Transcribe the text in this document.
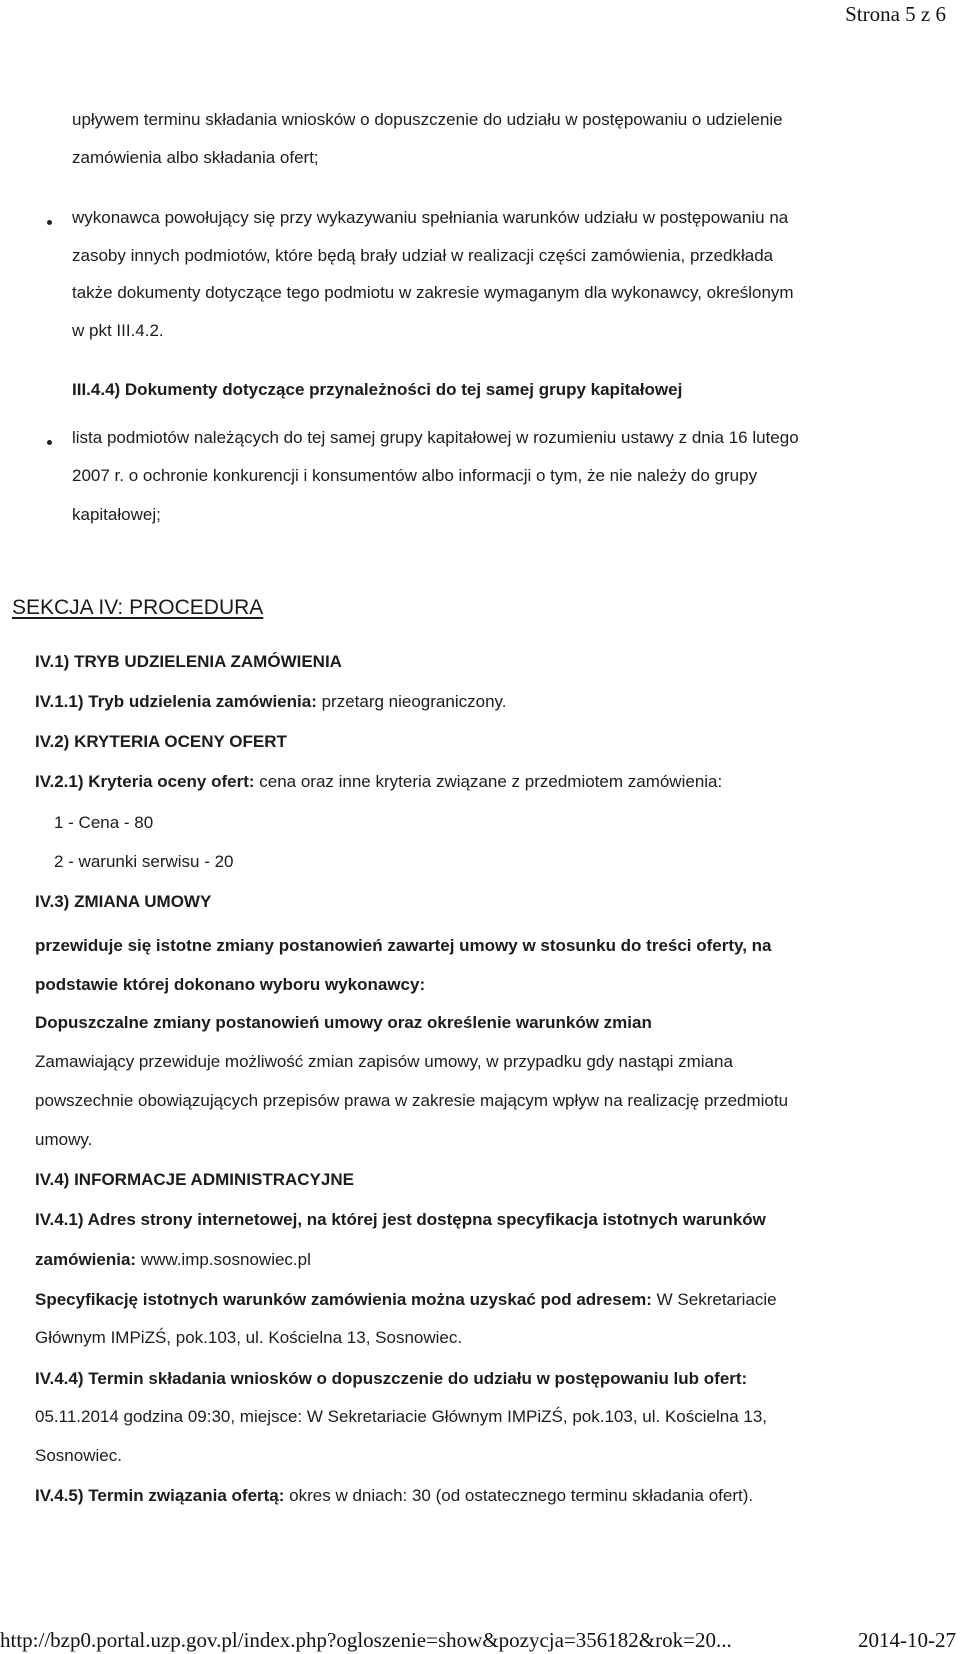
Strona 5 z 6
upływem terminu składania wniosków o dopuszczenie do udziału w postępowaniu o udzielenie
zamówienia albo składania ofert;
wykonawca powołujący się przy wykazywaniu spełniania warunków udziału w postępowaniu na
zasoby innych podmiotów, które będą brały udział w realizacji części zamówienia, przedkłada
także dokumenty dotyczące tego podmiotu w zakresie wymaganym dla wykonawcy, określonym
w pkt III.4.2.
III.4.4) Dokumenty dotyczące przynależności do tej samej grupy kapitałowej
lista podmiotów należących do tej samej grupy kapitałowej w rozumieniu ustawy z dnia 16 lutego
2007 r. o ochronie konkurencji i konsumentów albo informacji o tym, że nie należy do grupy
kapitałowej;
SEKCJA IV: PROCEDURA
IV.1) TRYB UDZIELENIA ZAMÓWIENIA
IV.1.1) Tryb udzielenia zamówienia: przetarg nieograniczony.
IV.2) KRYTERIA OCENY OFERT
IV.2.1) Kryteria oceny ofert: cena oraz inne kryteria związane z przedmiotem zamówienia:
1 - Cena - 80
2 - warunki serwisu - 20
IV.3) ZMIANA UMOWY
przewiduje się istotne zmiany postanowień zawartej umowy w stosunku do treści oferty, na
podstawie której dokonano wyboru wykonawcy:
Dopuszczalne zmiany postanowień umowy oraz określenie warunków zmian
Zamawiający przewiduje możliwość zmian zapisów umowy, w przypadku gdy nastąpi zmiana
powszechnie obowiązujących przepisów prawa w zakresie mającym wpływ na realizację przedmiotu
umowy.
IV.4) INFORMACJE ADMINISTRACYJNE
IV.4.1) Adres strony internetowej, na której jest dostępna specyfikacja istotnych warunków
zamówienia: www.imp.sosnowiec.pl
Specyfikację istotnych warunków zamówienia można uzyskać pod adresem: W Sekretariacie
Głównym IMPiZŚ, pok.103, ul. Kościelna 13, Sosnowiec.
IV.4.4) Termin składania wniosków o dopuszczenie do udziału w postępowaniu lub ofert:
05.11.2014 godzina 09:30, miejsce: W Sekretariacie Głównym IMPiZŚ, pok.103, ul. Kościelna 13,
Sosnowiec.
IV.4.5) Termin związania ofertą: okres w dniach: 30 (od ostatecznego terminu składania ofert).
http://bzp0.portal.uzp.gov.pl/index.php?ogloszenie=show&pozycja=356182&rok=20...	2014-10-27
